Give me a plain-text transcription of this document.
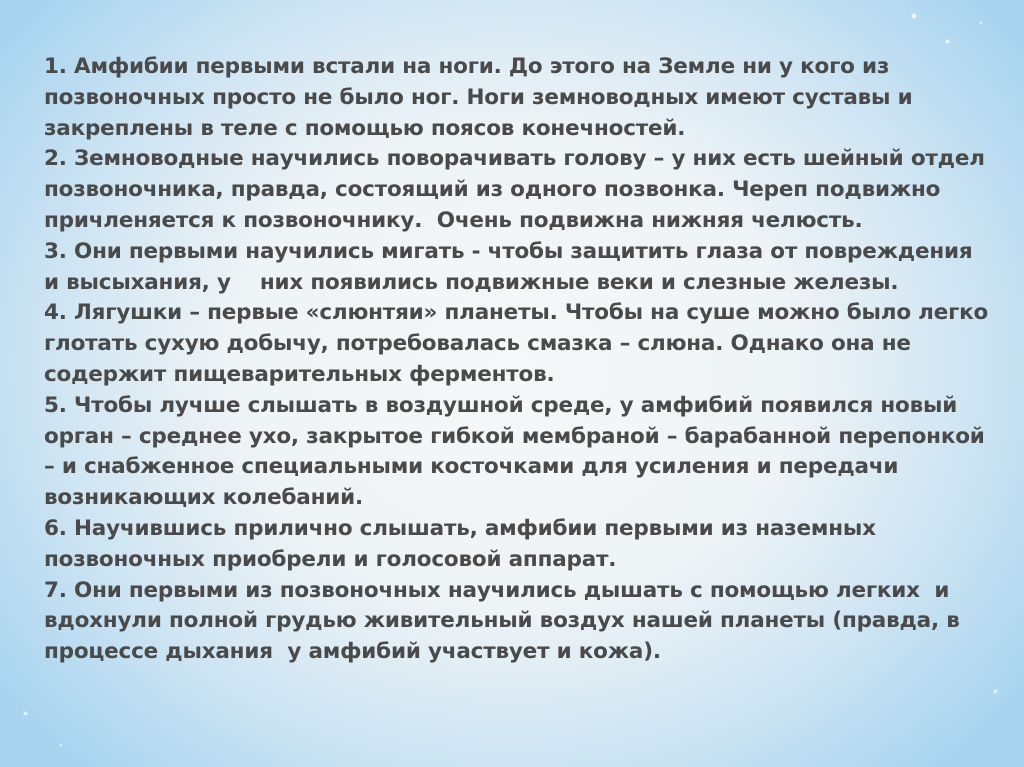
1. Амфибии первыми встали на ноги. До этого на Земле ни у кого из позвоночных просто не было ног. Ноги земноводных имеют суставы и закреплены в теле с помощью поясов конечностей.

2. Земноводные научились поворачивать голову – у них есть шейный отдел позвоночника, правда, состоящий из одного позвонка. Череп подвижно причленяется к позвоночнику.  Очень подвижна нижняя челюсть.

3. Они первыми научились мигать - чтобы защитить глаза от повреждения и высыхания, у    них появились подвижные веки и слезные железы.

4. Лягушки – первые «слюнтяи» планеты. Чтобы на суше можно было легко глотать сухую добычу, потребовалась смазка – слюна. Однако она не содержит пищеварительных ферментов.

5. Чтобы лучше слышать в воздушной среде, у амфибий появился новый орган – среднее ухо, закрытое гибкой мембраной – барабанной перепонкой – и снабженное специальными косточками для усиления и передачи возникающих колебаний.

6. Научившись прилично слышать, амфибии первыми из наземных позвоночных приобрели и голосовой аппарат.

7. Они первыми из позвоночных научились дышать с помощью легких  и вдохнули полной грудью живительный воздух нашей планеты (правда, в процессе дыхания  у амфибий участвует и кожа).
